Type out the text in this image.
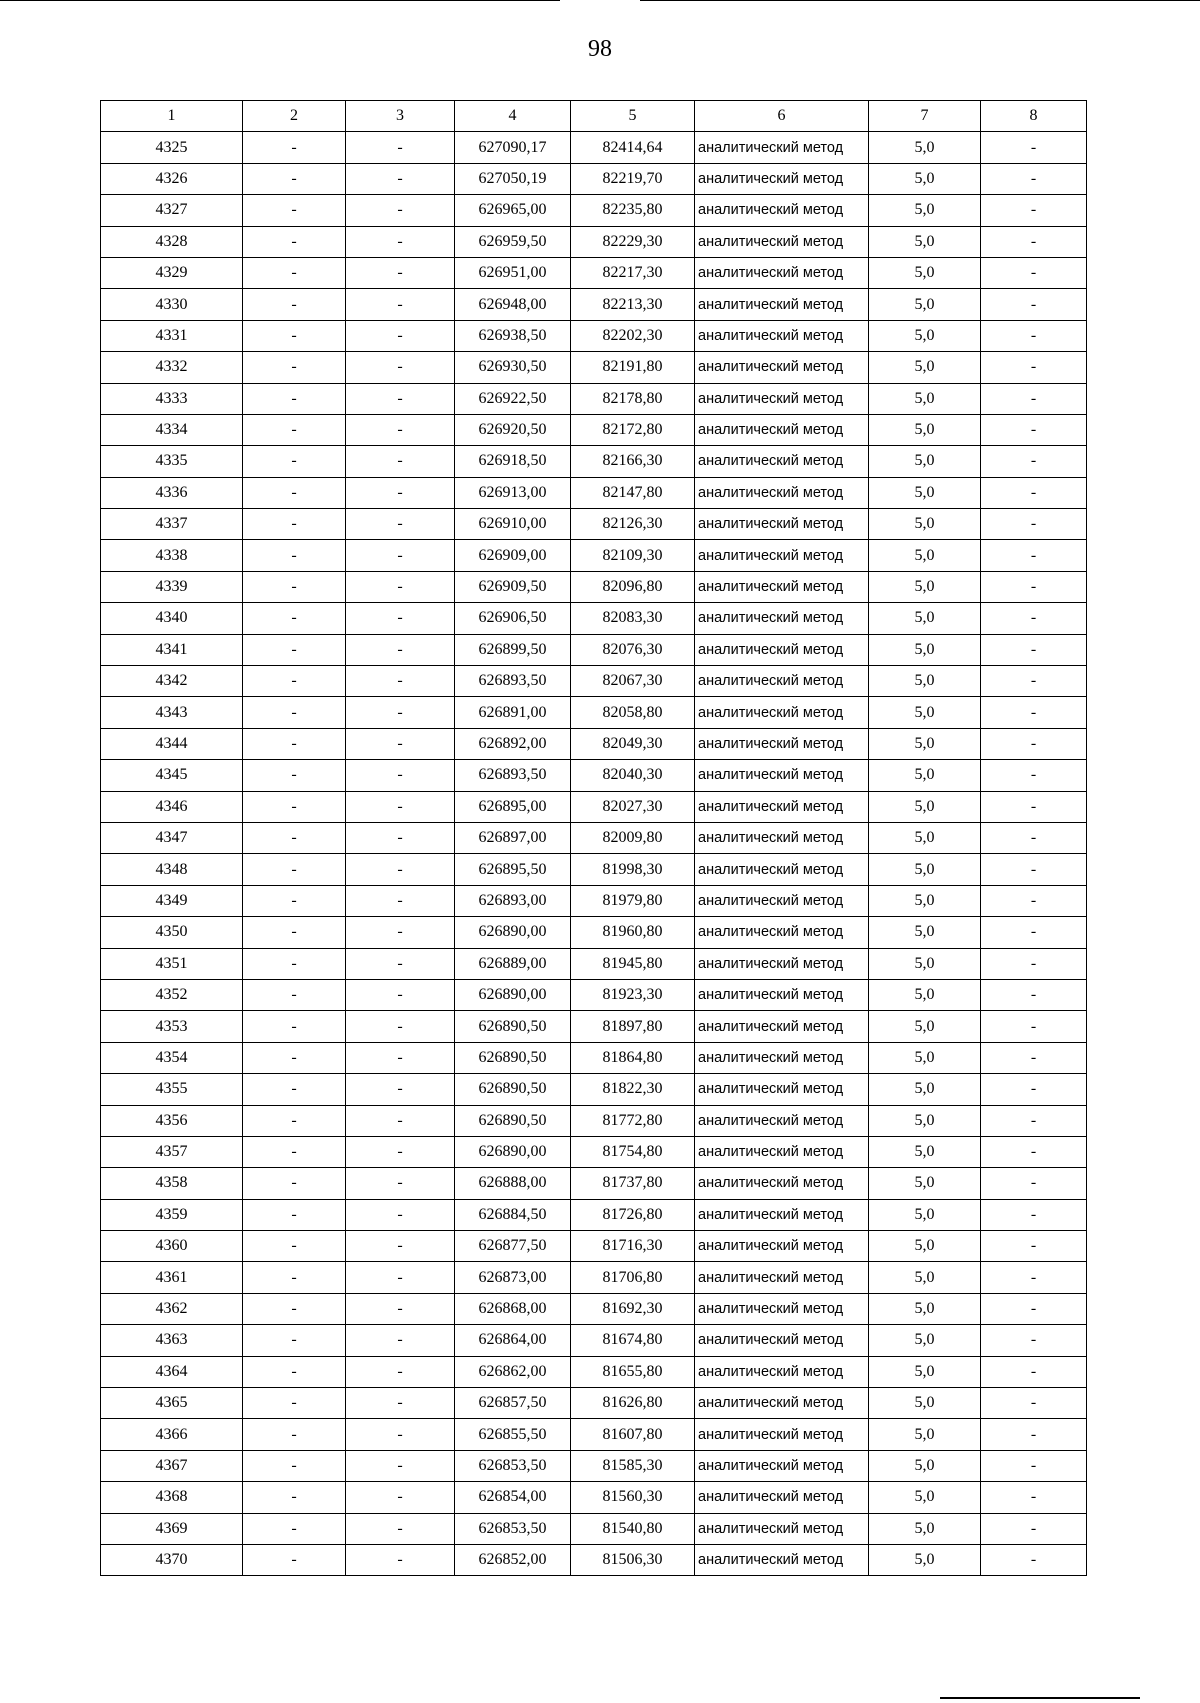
98
1	2	3	4	5	6	7	8
4325	-	-	627090,17	82414,64	аналитический метод	5,0	-
4326	-	-	627050,19	82219,70	аналитический метод	5,0	-
4327	-	-	626965,00	82235,80	аналитический метод	5,0	-
4328	-	-	626959,50	82229,30	аналитический метод	5,0	-
4329	-	-	626951,00	82217,30	аналитический метод	5,0	-
4330	-	-	626948,00	82213,30	аналитический метод	5,0	-
4331	-	-	626938,50	82202,30	аналитический метод	5,0	-
4332	-	-	626930,50	82191,80	аналитический метод	5,0	-
4333	-	-	626922,50	82178,80	аналитический метод	5,0	-
4334	-	-	626920,50	82172,80	аналитический метод	5,0	-
4335	-	-	626918,50	82166,30	аналитический метод	5,0	-
4336	-	-	626913,00	82147,80	аналитический метод	5,0	-
4337	-	-	626910,00	82126,30	аналитический метод	5,0	-
4338	-	-	626909,00	82109,30	аналитический метод	5,0	-
4339	-	-	626909,50	82096,80	аналитический метод	5,0	-
4340	-	-	626906,50	82083,30	аналитический метод	5,0	-
4341	-	-	626899,50	82076,30	аналитический метод	5,0	-
4342	-	-	626893,50	82067,30	аналитический метод	5,0	-
4343	-	-	626891,00	82058,80	аналитический метод	5,0	-
4344	-	-	626892,00	82049,30	аналитический метод	5,0	-
4345	-	-	626893,50	82040,30	аналитический метод	5,0	-
4346	-	-	626895,00	82027,30	аналитический метод	5,0	-
4347	-	-	626897,00	82009,80	аналитический метод	5,0	-
4348	-	-	626895,50	81998,30	аналитический метод	5,0	-
4349	-	-	626893,00	81979,80	аналитический метод	5,0	-
4350	-	-	626890,00	81960,80	аналитический метод	5,0	-
4351	-	-	626889,00	81945,80	аналитический метод	5,0	-
4352	-	-	626890,00	81923,30	аналитический метод	5,0	-
4353	-	-	626890,50	81897,80	аналитический метод	5,0	-
4354	-	-	626890,50	81864,80	аналитический метод	5,0	-
4355	-	-	626890,50	81822,30	аналитический метод	5,0	-
4356	-	-	626890,50	81772,80	аналитический метод	5,0	-
4357	-	-	626890,00	81754,80	аналитический метод	5,0	-
4358	-	-	626888,00	81737,80	аналитический метод	5,0	-
4359	-	-	626884,50	81726,80	аналитический метод	5,0	-
4360	-	-	626877,50	81716,30	аналитический метод	5,0	-
4361	-	-	626873,00	81706,80	аналитический метод	5,0	-
4362	-	-	626868,00	81692,30	аналитический метод	5,0	-
4363	-	-	626864,00	81674,80	аналитический метод	5,0	-
4364	-	-	626862,00	81655,80	аналитический метод	5,0	-
4365	-	-	626857,50	81626,80	аналитический метод	5,0	-
4366	-	-	626855,50	81607,80	аналитический метод	5,0	-
4367	-	-	626853,50	81585,30	аналитический метод	5,0	-
4368	-	-	626854,00	81560,30	аналитический метод	5,0	-
4369	-	-	626853,50	81540,80	аналитический метод	5,0	-
4370	-	-	626852,00	81506,30	аналитический метод	5,0	-
